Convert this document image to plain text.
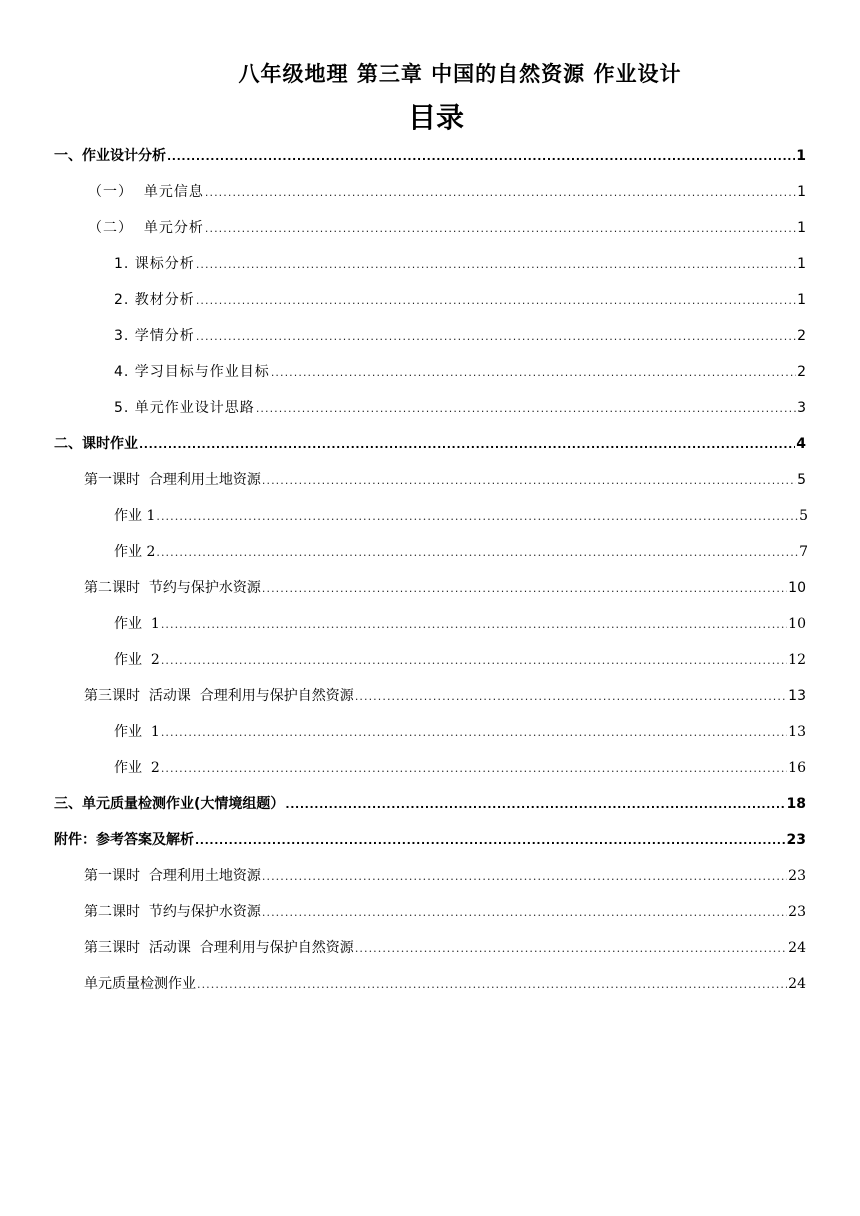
八年级地理 第三章 中国的自然资源 作业设计
目录
一、作业设计分析 . . .	1
（一）  单元信息 . . .	1
（二）  单元分析 . . .	1
1. 课标分析 . . .	1
2. 教材分析 . . .	1
3. 学情分析 . . .	2
4. 学习目标与作业目标 . . .	2
5. 单元作业设计思路 . . .	3
二、课时作业 . . .	4
第一课时  合理利用土地资源 . . .	5
作业 1 . . .	5
作业 2 . . .	7
第二课时  节约与保护水资源 . . .	10
作业  1 . . .	10
作业  2 . . .	12
第三课时  活动课  合理利用与保护自然资源 . . .	13
作业  1 . . .	13
作业  2 . . .	16
三、单元质量检测作业(大情境组题） . . .	18
附件：参考答案及解析 . . .	23
第一课时  合理利用土地资源 . . .	23
第二课时  节约与保护水资源 . . .	23
第三课时  活动课  合理利用与保护自然资源 . . .	24
单元质量检测作业 . . .	24
